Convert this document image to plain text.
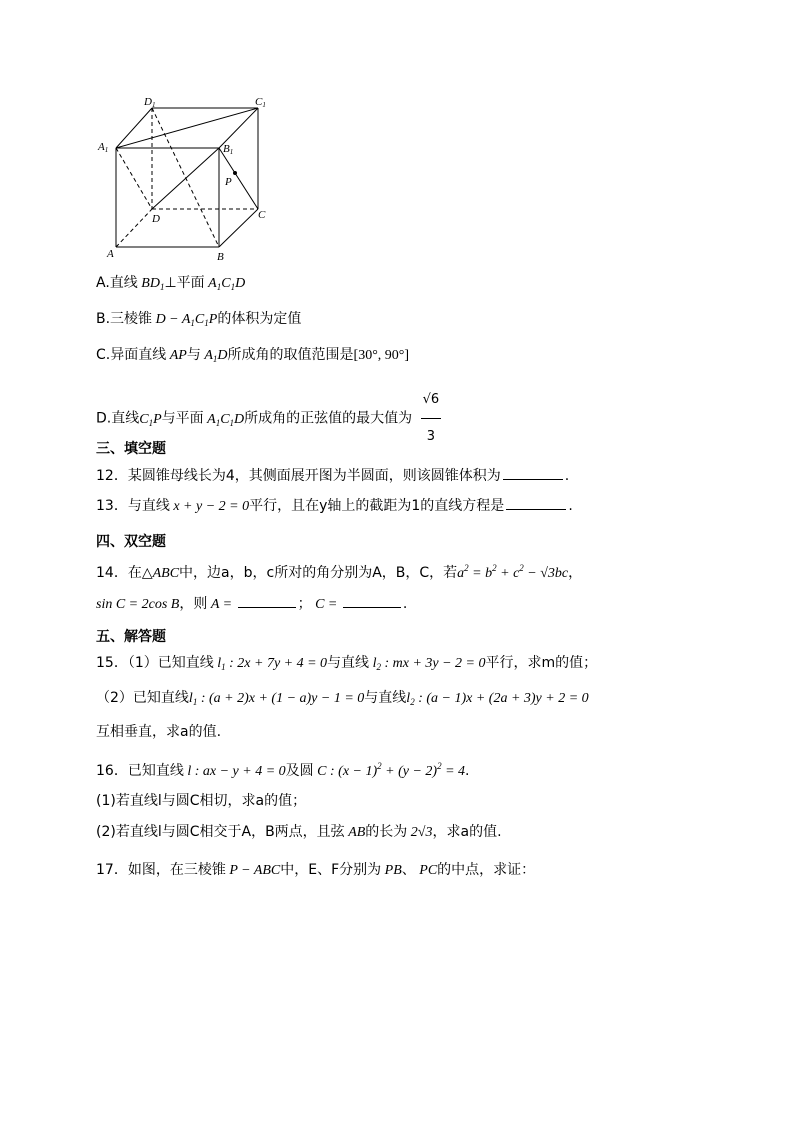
D1	C1
A1	B1
P
D	C
A	B
A.直线 $BD_1\perp$平面 $A_1C_1D$
B.三棱锥 $D - A_1C_1P$的体积为定值
C.异面直线 AP与 $A_1D$所成角的取值范围是[30°, 90°]
D.直线$C_1P$与平面 $A_1C_1D$所成角的正弦值的最大值为 $\frac{√6}{3}$
三、填空题
12．某圆锥母线长为4，其侧面展开图为半圆面，则该圆锥体积为	.
13．与直线 x + y − 2 = 0平行，且在y轴上的截距为1的直线方程是	.
四、双空题
14．在△ABC中，边a，b，c所对的角分别为A，B，C，若$a^2 = b^2 + c^2 - √3bc$，
sin C = 2cos B，则 A =	； C =	.
五、解答题
15．（1）已知直线 $l_1$ : 2x + 7y + 4 = 0与直线 $l_2$ : mx + 3y − 2 = 0平行，求m的值；
（2）已知直线$l_1$ : (a + 2)x + (1 − a)y − 1 = 0与直线$l_2$ : (a − 1)x + (2a + 3)y + 2 = 0
互相垂直，求a的值.
16．已知直线 l : ax − y + 4 = 0及圆 C : $(x - 1)^2 + (y - 2)^2 = 4$.
(1)若直线l与圆C相切，求a的值；
(2)若直线l与圆C相交于A，B两点，且弦 AB的长为 2√3，求a的值.
17．如图，在三棱锥 P − ABC中，E、F分别为 PB、 PC的中点，求证：
